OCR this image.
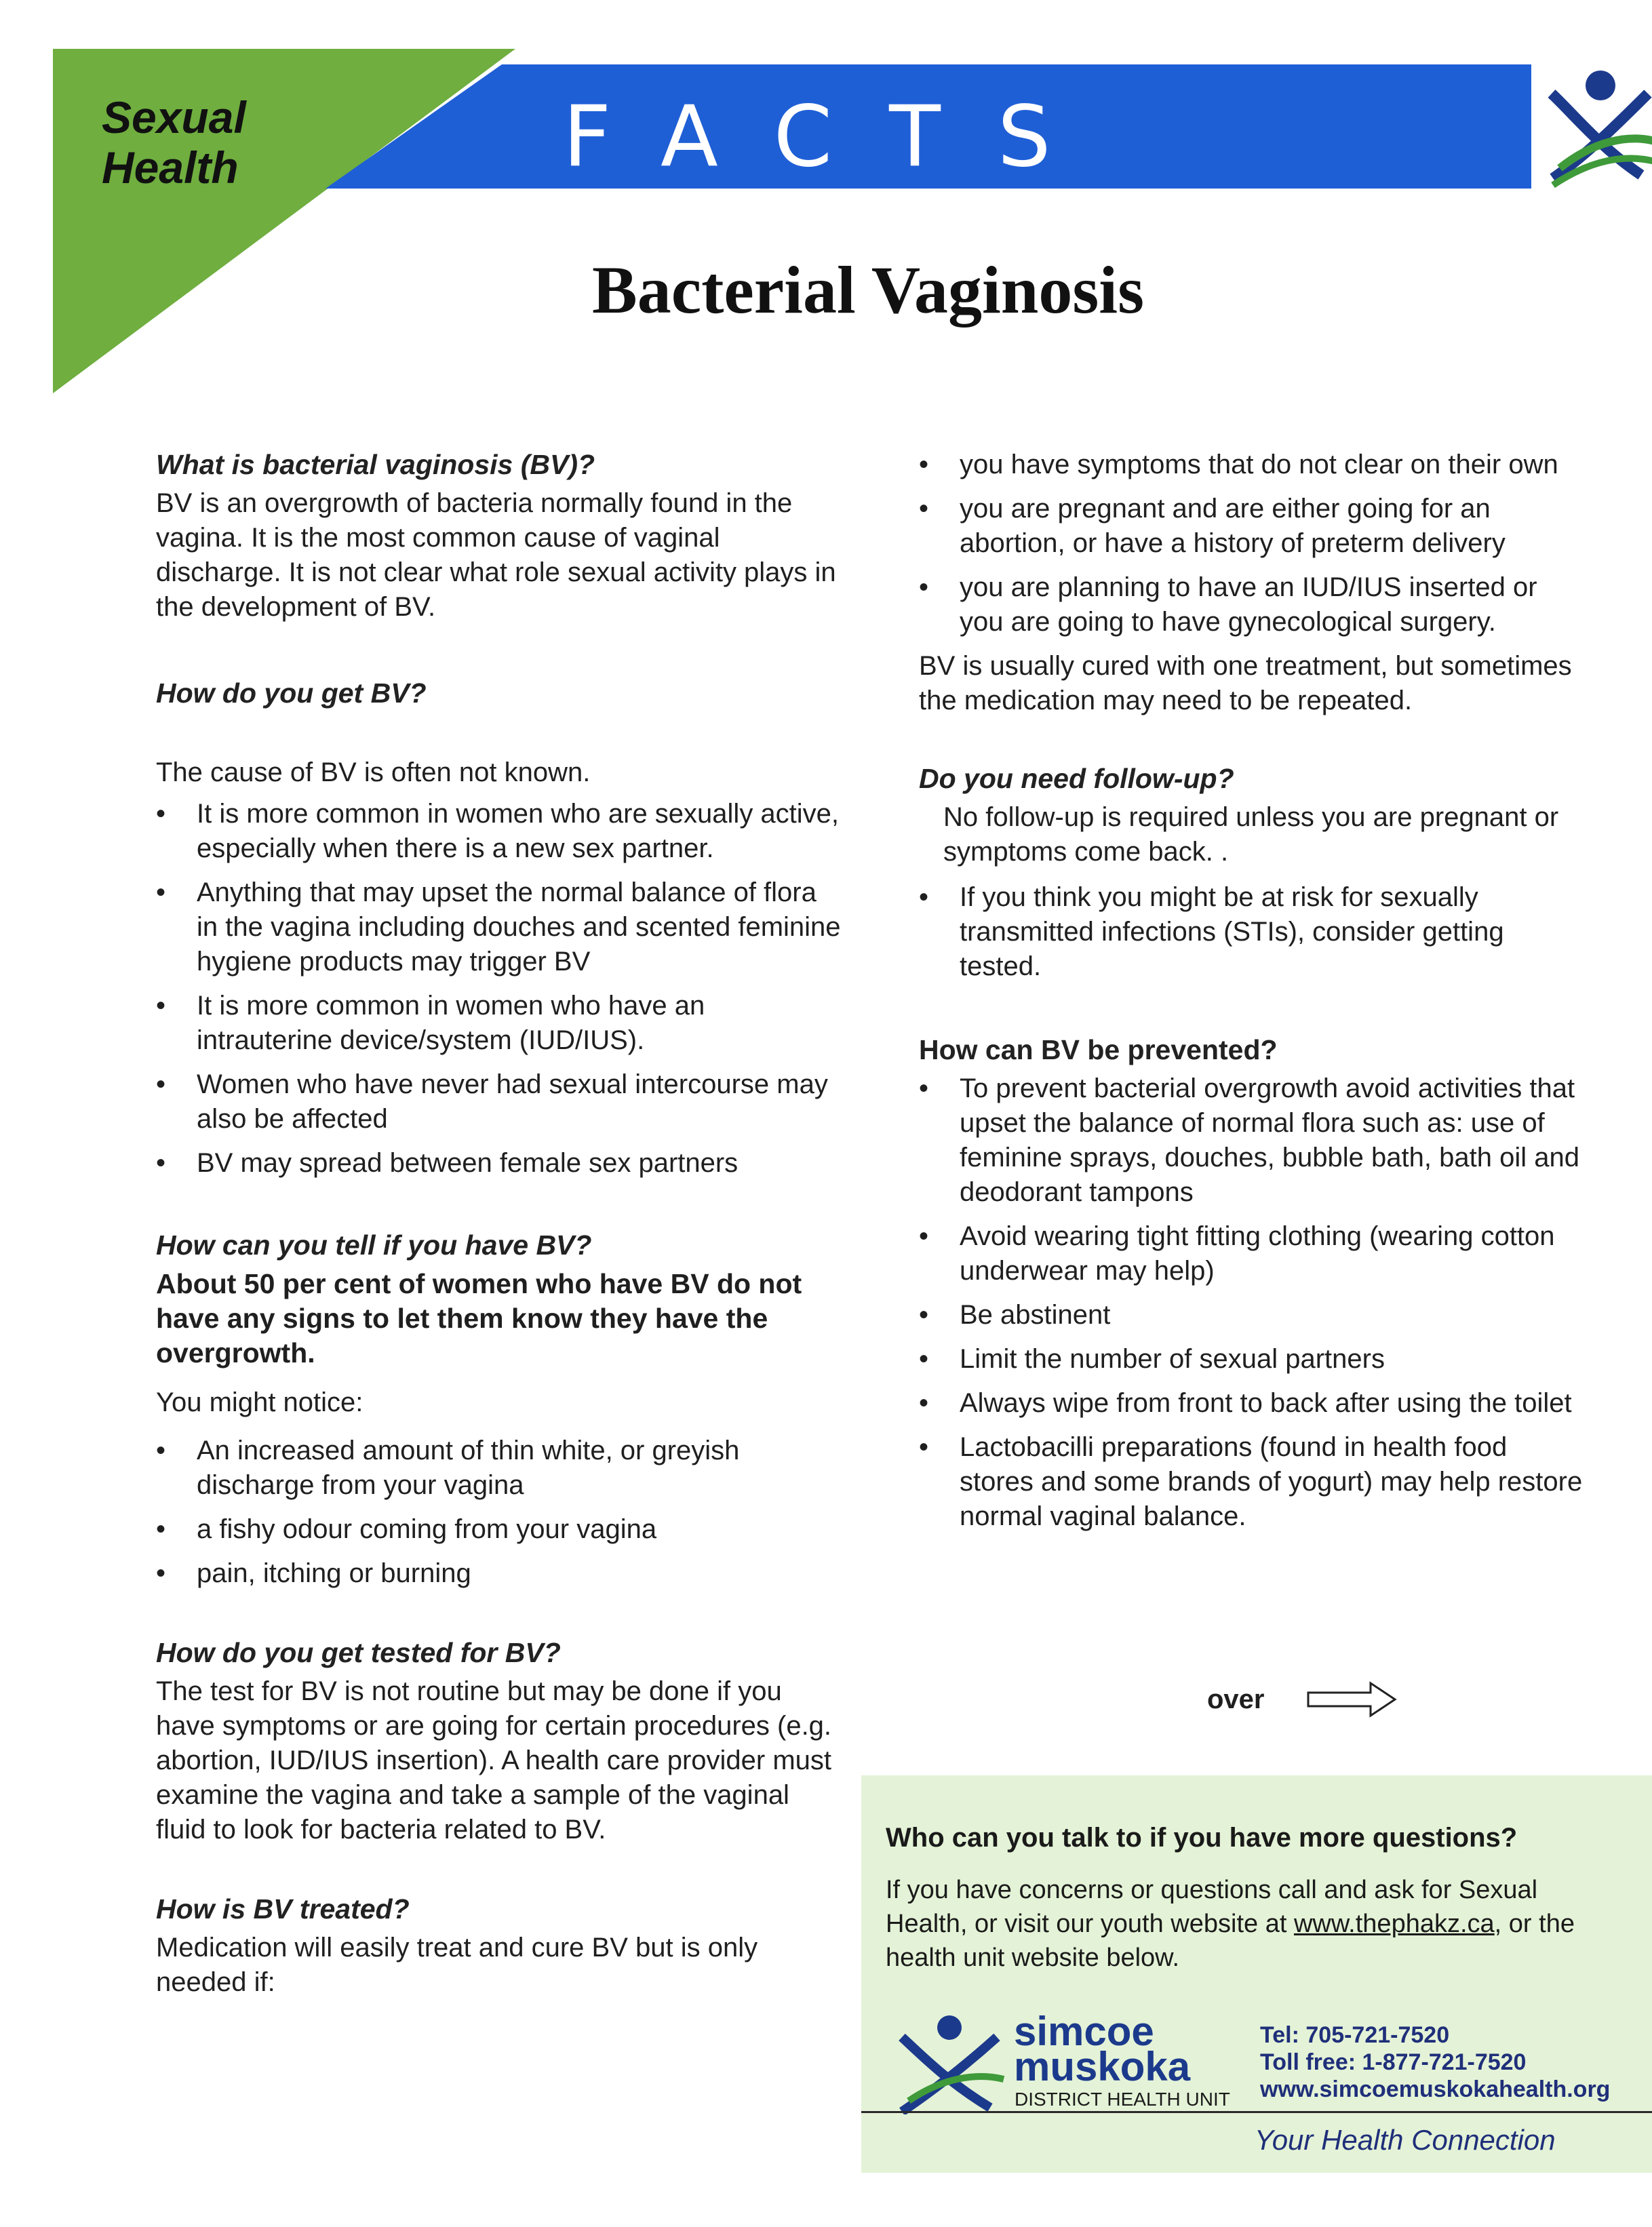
Sexual
Health	FACTS
Bacterial Vaginosis
What is bacterial vaginosis (BV)?

BV is an overgrowth of bacteria normally found in the vagina. It is the most common cause of vaginal discharge. It is not clear what role sexual activity plays in the development of BV.

How do you get BV?

The cause of BV is often not known.

• It is more common in women who are sexually active, especially when there is a new sex partner.
• Anything that may upset the normal balance of flora in the vagina including douches and scented feminine hygiene products may trigger BV
• It is more common in women who have an intrauterine device/system (IUD/IUS).
• Women who have never had sexual intercourse may also be affected
• BV may spread between female sex partners
How can you tell if you have BV?

About 50 per cent of women who have BV do not have any signs to let them know they have the overgrowth.

You might notice:

• An increased amount of thin white, or greyish discharge from your vagina
• a fishy odour coming from your vagina
• pain, itching or burning
How do you get tested for BV?

The test for BV is not routine but may be done if you have symptoms or are going for certain procedures (e.g. abortion, IUD/IUS insertion). A health care provider must examine the vagina and take a sample of the vaginal fluid to look for bacteria related to BV.

How is BV treated?

Medication will easily treat and cure BV but is only needed if:

• you have symptoms that do not clear on their own
• you are pregnant and are either going for an abortion, or have a history of preterm delivery
• you are planning to have an IUD/IUS inserted or you are going to have gynecological surgery.

BV is usually cured with one treatment, but sometimes the medication may need to be repeated.

Do you need follow-up?

No follow-up is required unless you are pregnant or symptoms come back. .

• If you think you might be at risk for sexually transmitted infections (STIs), consider getting tested.
How can BV be prevented?
• To prevent bacterial overgrowth avoid activities that upset the balance of normal flora such as: use of feminine sprays, douches, bubble bath, bath oil and deodorant tampons
• Avoid wearing tight fitting clothing (wearing cotton underwear may help)
• Be abstinent
• Limit the number of sexual partners
• Always wipe from front to back after using the toilet
• Lactobacilli preparations (found in health food stores and some brands of yogurt) may help restore normal vaginal balance.
over
Who can you talk to if you have more questions?
If you have concerns or questions call and ask for Sexual Health, or visit our youth website at www.thephakz.ca, or the health unit website below.
simcoe
muskoka
DISTRICT HEALTH UNIT
Tel: 705-721-7520
Toll free: 1-877-721-7520
www.simcoemuskokahealth.org
Your Health Connection
